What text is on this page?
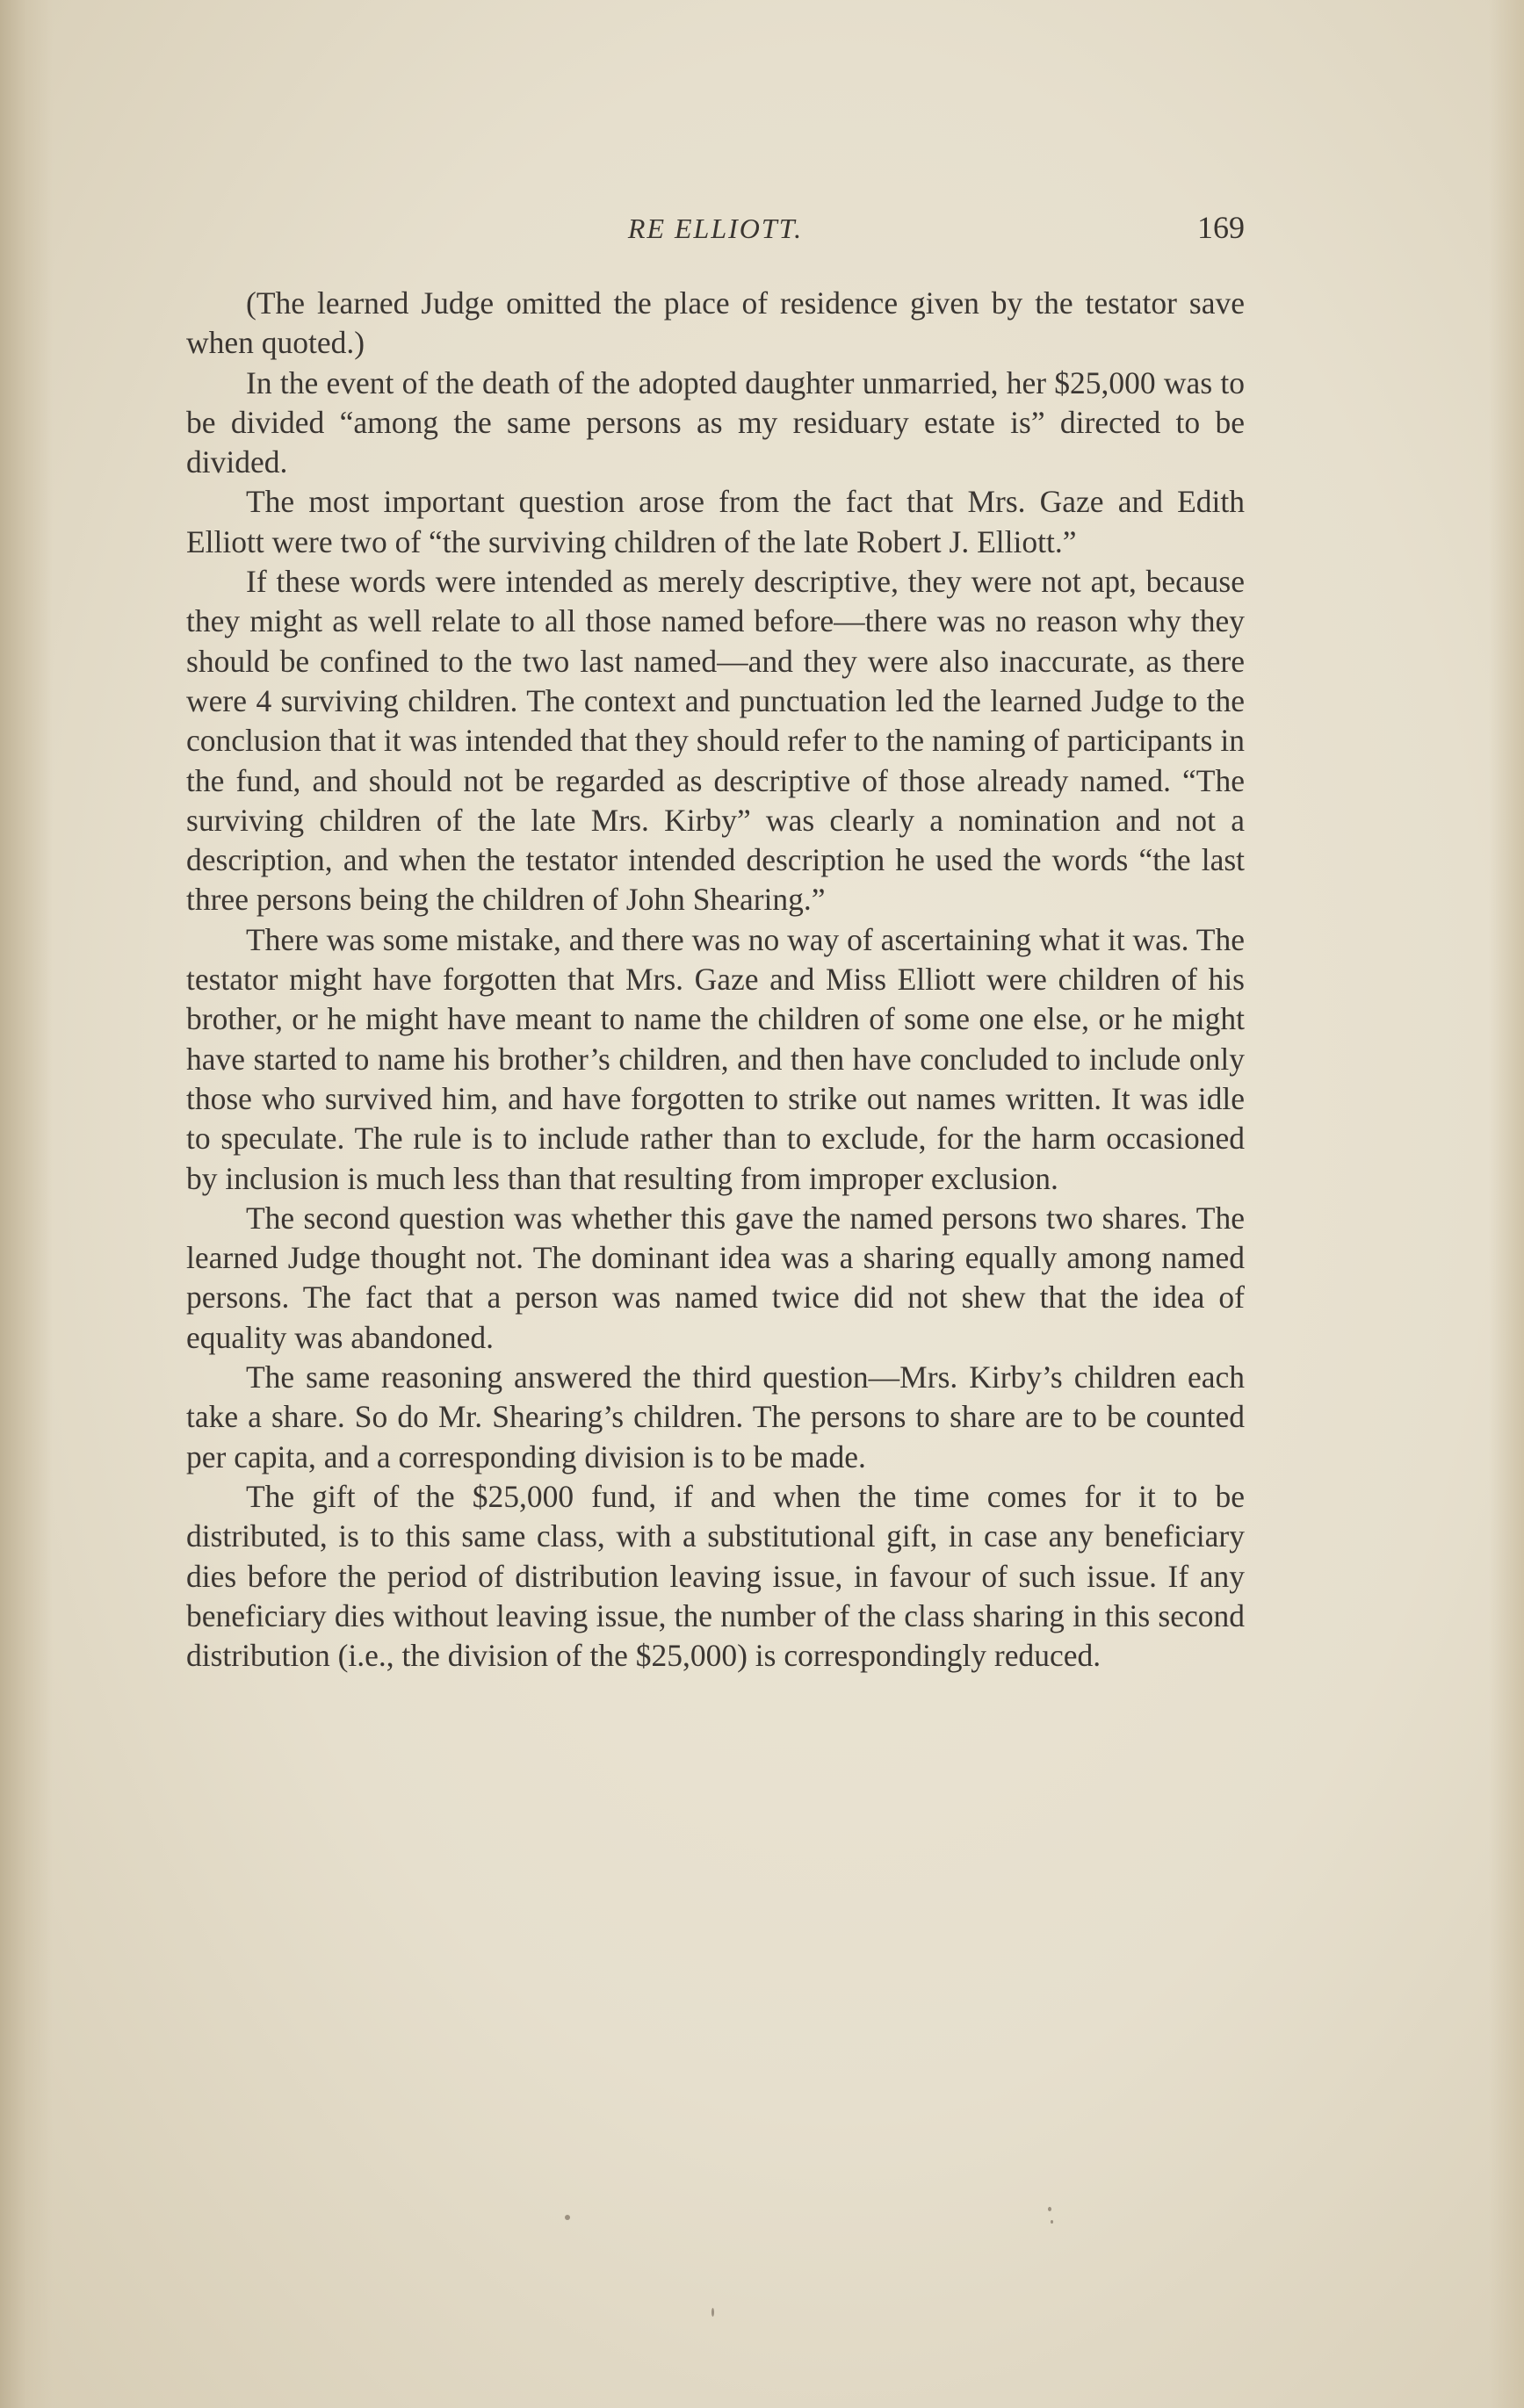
RE ELLIOTT.	169

(The learned Judge omitted the place of residence given by the testator save when quoted.)

In the event of the death of the adopted daughter unmarried, her $25,000 was to be divided “among the same persons as my residuary estate is” directed to be divided.

The most important question arose from the fact that Mrs. Gaze and Edith Elliott were two of “the surviving children of the late Robert J. Elliott.”

If these words were intended as merely descriptive, they were not apt, because they might as well relate to all those named before—there was no reason why they should be confined to the two last named—and they were also inaccurate, as there were 4 surviving children. The context and punctuation led the learned Judge to the conclusion that it was intended that they should refer to the naming of participants in the fund, and should not be regarded as descriptive of those already named. “The surviving children of the late Mrs. Kirby” was clearly a nomination and not a description, and when the testator intended description he used the words “the last three persons being the children of John Shearing.”

There was some mistake, and there was no way of ascertaining what it was. The testator might have forgotten that Mrs. Gaze and Miss Elliott were children of his brother, or he might have meant to name the children of some one else, or he might have started to name his brother’s children, and then have concluded to include only those who survived him, and have forgotten to strike out names written. It was idle to speculate. The rule is to include rather than to exclude, for the harm occasioned by inclusion is much less than that resulting from improper exclusion.

The second question was whether this gave the named persons two shares. The learned Judge thought not. The dominant idea was a sharing equally among named persons. The fact that a person was named twice did not shew that the idea of equality was abandoned.

The same reasoning answered the third question—Mrs. Kirby’s children each take a share. So do Mr. Shearing’s children. The persons to share are to be counted per capita, and a corresponding division is to be made.

The gift of the $25,000 fund, if and when the time comes for it to be distributed, is to this same class, with a substitutional gift, in case any beneficiary dies before the period of distribution leaving issue, in favour of such issue. If any beneficiary dies without leaving issue, the number of the class sharing in this second distribution (i.e., the division of the $25,000) is correspondingly reduced.
